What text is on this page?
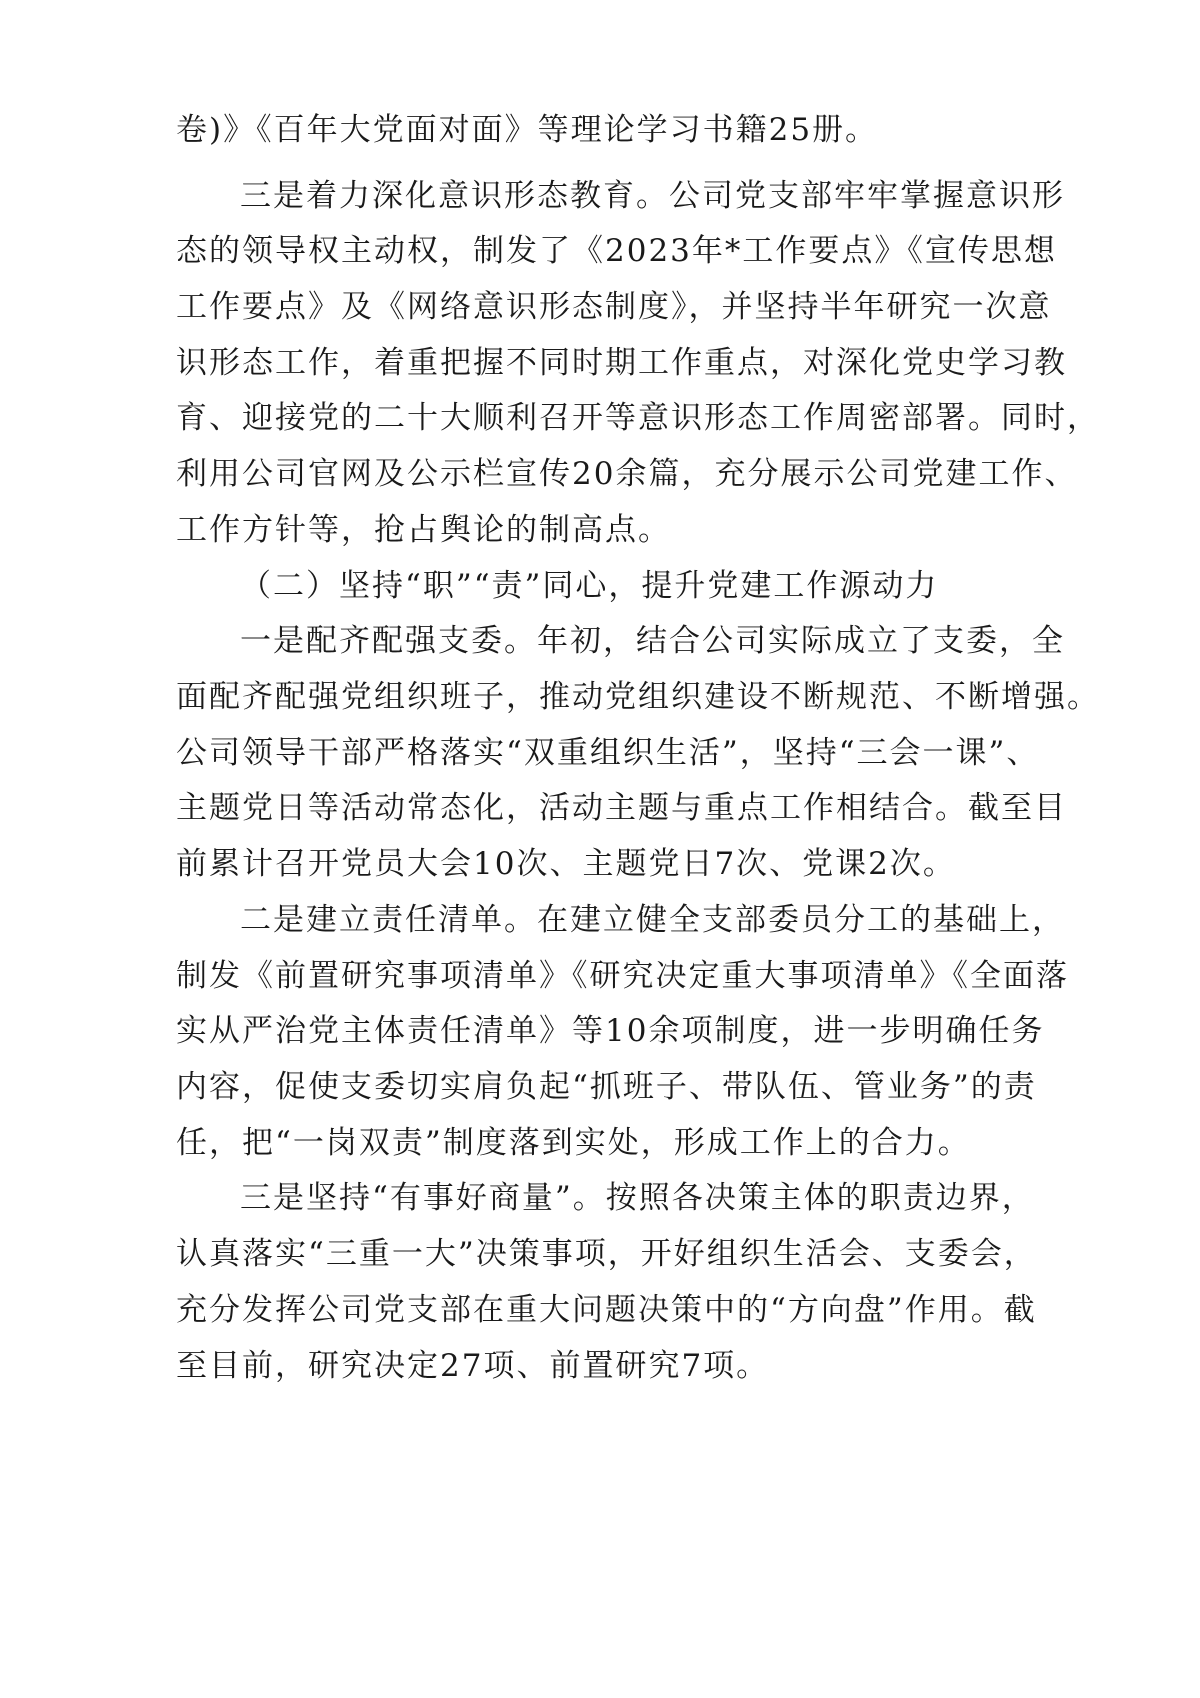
卷)》《百年大党面对面》等理论学习书籍25册。
三是着力深化意识形态教育。公司党支部牢牢掌握意识形
态的领导权主动权，制发了《2023年*工作要点》《宣传思想
工作要点》及《网络意识形态制度》，并坚持半年研究一次意
识形态工作，着重把握不同时期工作重点，对深化党史学习教
育、迎接党的二十大顺利召开等意识形态工作周密部署。同时，
利用公司官网及公示栏宣传20余篇，充分展示公司党建工作、
工作方针等，抢占舆论的制高点。
（二）坚持“职”“责”同心，提升党建工作源动力
一是配齐配强支委。年初，结合公司实际成立了支委，全
面配齐配强党组织班子，推动党组织建设不断规范、不断增强。
公司领导干部严格落实“双重组织生活”，坚持“三会一课”、
主题党日等活动常态化，活动主题与重点工作相结合。截至目
前累计召开党员大会10次、主题党日7次、党课2次。
二是建立责任清单。在建立健全支部委员分工的基础上，
制发《前置研究事项清单》《研究决定重大事项清单》《全面落
实从严治党主体责任清单》等10余项制度，进一步明确任务
内容，促使支委切实肩负起“抓班子、带队伍、管业务”的责
任，把“一岗双责”制度落到实处，形成工作上的合力。
三是坚持“有事好商量”。按照各决策主体的职责边界，
认真落实“三重一大”决策事项，开好组织生活会、支委会，
充分发挥公司党支部在重大问题决策中的“方向盘”作用。截
至目前，研究决定27项、前置研究7项。
